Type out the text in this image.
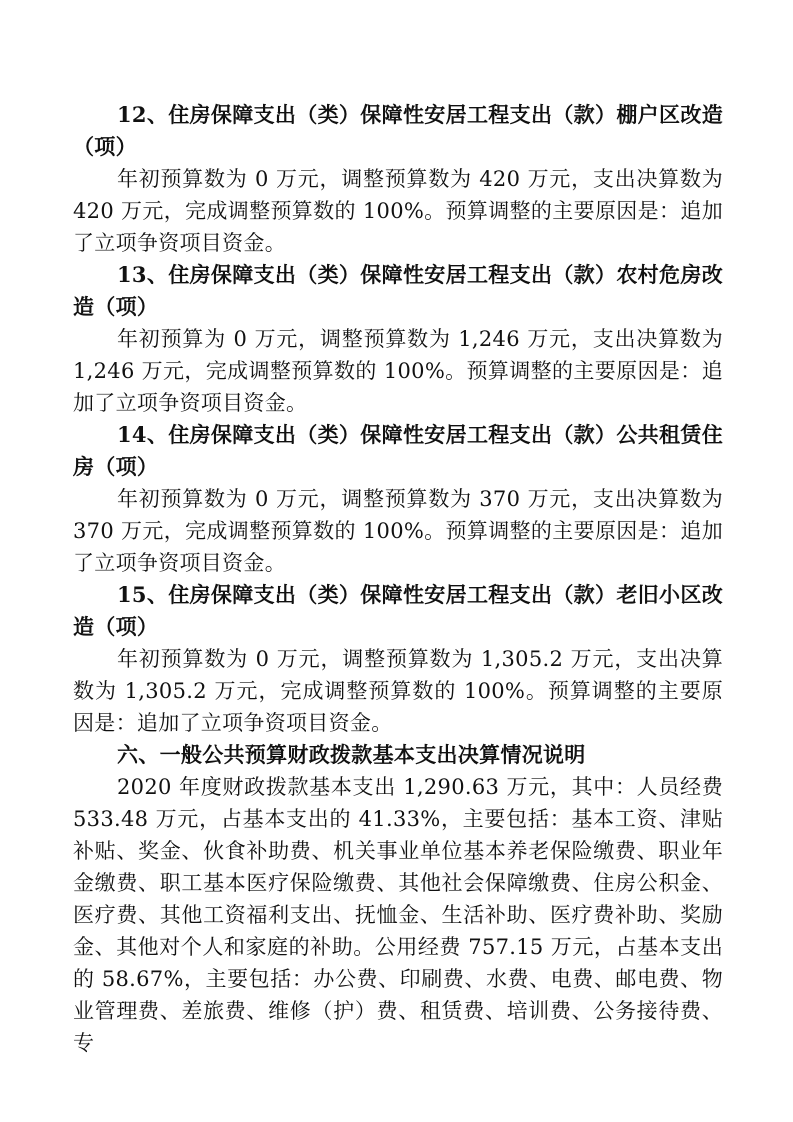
12、住房保障支出（类）保障性安居工程支出（款）棚户区改造（项）
年初预算数为 0 万元，调整预算数为 420 万元，支出决算数为 420 万元，完成调整预算数的 100%。预算调整的主要原因是：追加了立项争资项目资金。
13、住房保障支出（类）保障性安居工程支出（款）农村危房改造（项）
年初预算为 0 万元，调整预算数为 1,246 万元，支出决算数为 1,246 万元，完成调整预算数的 100%。预算调整的主要原因是：追加了立项争资项目资金。
14、住房保障支出（类）保障性安居工程支出（款）公共租赁住房（项）
年初预算数为 0 万元，调整预算数为 370 万元，支出决算数为 370 万元，完成调整预算数的 100%。预算调整的主要原因是：追加了立项争资项目资金。
15、住房保障支出（类）保障性安居工程支出（款）老旧小区改造（项）
年初预算数为 0 万元，调整预算数为 1,305.2 万元，支出决算数为 1,305.2 万元，完成调整预算数的 100%。预算调整的主要原因是：追加了立项争资项目资金。
六、一般公共预算财政拨款基本支出决算情况说明
2020 年度财政拨款基本支出 1,290.63 万元，其中：人员经费 533.48 万元，占基本支出的 41.33%，主要包括：基本工资、津贴补贴、奖金、伙食补助费、机关事业单位基本养老保险缴费、职业年金缴费、职工基本医疗保险缴费、其他社会保障缴费、住房公积金、医疗费、其他工资福利支出、抚恤金、生活补助、医疗费补助、奖励金、其他对个人和家庭的补助。公用经费 757.15 万元，占基本支出的 58.67%，主要包括：办公费、印刷费、水费、电费、邮电费、物业管理费、差旅费、维修（护）费、租赁费、培训费、公务接待费、专
